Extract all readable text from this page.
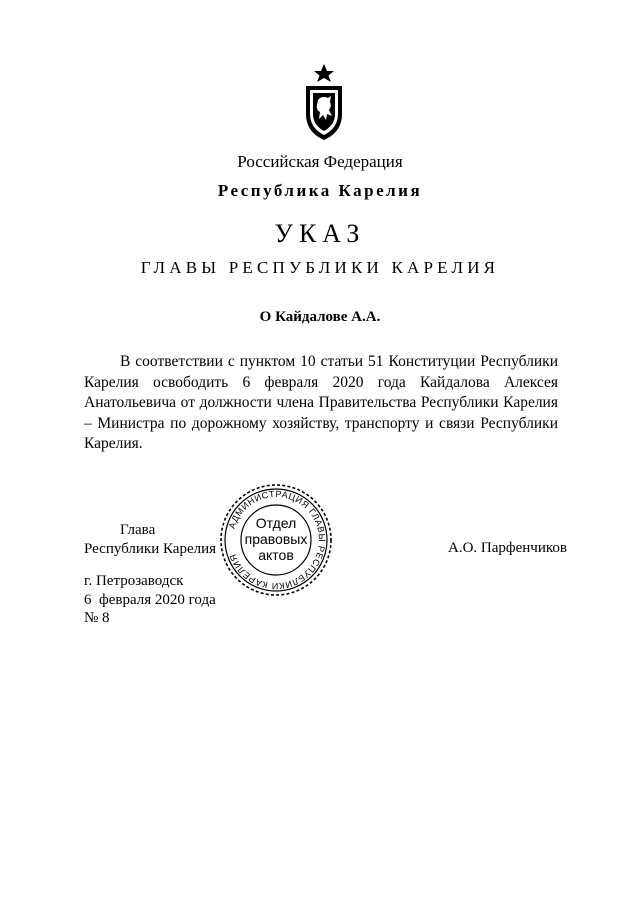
Российская Федерация
Республика Карелия
УКАЗ
ГЛАВЫ РЕСПУБЛИКИ КАРЕЛИЯ
О Кайдалове А.А.
В соответствии с пунктом 10 статьи 51 Конституции Республики Карелия освободить 6 февраля 2020 года Кайдалова Алексея Анатольевича от должности члена Правительства Республики Карелия – Министра по дорожному хозяйству, транспорту и связи Республики Карелия.
Глава
Республики Карелия
АДМИНИСТРАЦИЯ ГЛАВЫ РЕСПУБЛИКИ КАРЕЛИЯ
Отдел
правовых
актов	А.О. Парфенчиков
г. Петрозаводск
6  февраля 2020 года
№ 8
